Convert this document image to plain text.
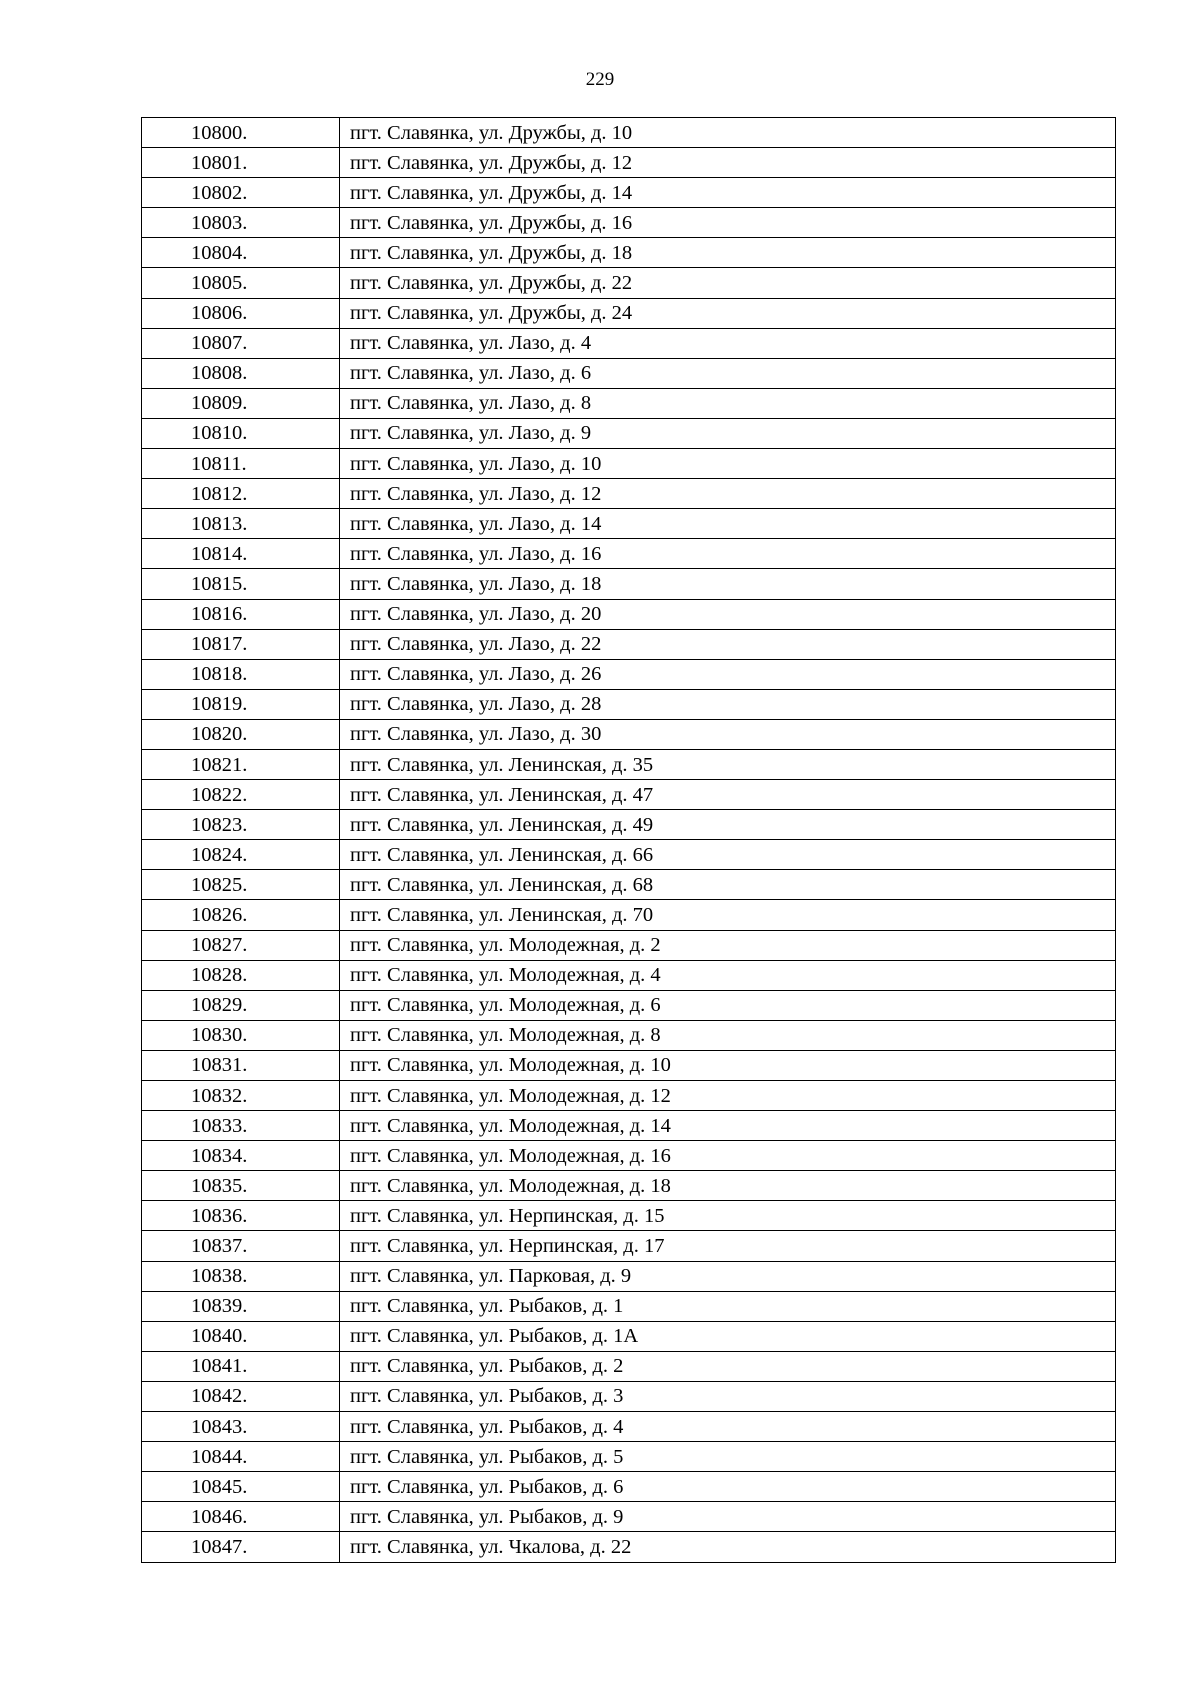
229
10800.	пгт. Славянка, ул. Дружбы, д. 10
10801.	пгт. Славянка, ул. Дружбы, д. 12
10802.	пгт. Славянка, ул. Дружбы, д. 14
10803.	пгт. Славянка, ул. Дружбы, д. 16
10804.	пгт. Славянка, ул. Дружбы, д. 18
10805.	пгт. Славянка, ул. Дружбы, д. 22
10806.	пгт. Славянка, ул. Дружбы, д. 24
10807.	пгт. Славянка, ул. Лазо, д. 4
10808.	пгт. Славянка, ул. Лазо, д. 6
10809.	пгт. Славянка, ул. Лазо, д. 8
10810.	пгт. Славянка, ул. Лазо, д. 9
10811.	пгт. Славянка, ул. Лазо, д. 10
10812.	пгт. Славянка, ул. Лазо, д. 12
10813.	пгт. Славянка, ул. Лазо, д. 14
10814.	пгт. Славянка, ул. Лазо, д. 16
10815.	пгт. Славянка, ул. Лазо, д. 18
10816.	пгт. Славянка, ул. Лазо, д. 20
10817.	пгт. Славянка, ул. Лазо, д. 22
10818.	пгт. Славянка, ул. Лазо, д. 26
10819.	пгт. Славянка, ул. Лазо, д. 28
10820.	пгт. Славянка, ул. Лазо, д. 30
10821.	пгт. Славянка, ул. Ленинская, д. 35
10822.	пгт. Славянка, ул. Ленинская, д. 47
10823.	пгт. Славянка, ул. Ленинская, д. 49
10824.	пгт. Славянка, ул. Ленинская, д. 66
10825.	пгт. Славянка, ул. Ленинская, д. 68
10826.	пгт. Славянка, ул. Ленинская, д. 70
10827.	пгт. Славянка, ул. Молодежная, д. 2
10828.	пгт. Славянка, ул. Молодежная, д. 4
10829.	пгт. Славянка, ул. Молодежная, д. 6
10830.	пгт. Славянка, ул. Молодежная, д. 8
10831.	пгт. Славянка, ул. Молодежная, д. 10
10832.	пгт. Славянка, ул. Молодежная, д. 12
10833.	пгт. Славянка, ул. Молодежная, д. 14
10834.	пгт. Славянка, ул. Молодежная, д. 16
10835.	пгт. Славянка, ул. Молодежная, д. 18
10836.	пгт. Славянка, ул. Нерпинская, д. 15
10837.	пгт. Славянка, ул. Нерпинская, д. 17
10838.	пгт. Славянка, ул. Парковая, д. 9
10839.	пгт. Славянка, ул. Рыбаков, д. 1
10840.	пгт. Славянка, ул. Рыбаков, д. 1А
10841.	пгт. Славянка, ул. Рыбаков, д. 2
10842.	пгт. Славянка, ул. Рыбаков, д. 3
10843.	пгт. Славянка, ул. Рыбаков, д. 4
10844.	пгт. Славянка, ул. Рыбаков, д. 5
10845.	пгт. Славянка, ул. Рыбаков, д. 6
10846.	пгт. Славянка, ул. Рыбаков, д. 9
10847.	пгт. Славянка, ул. Чкалова, д. 22
